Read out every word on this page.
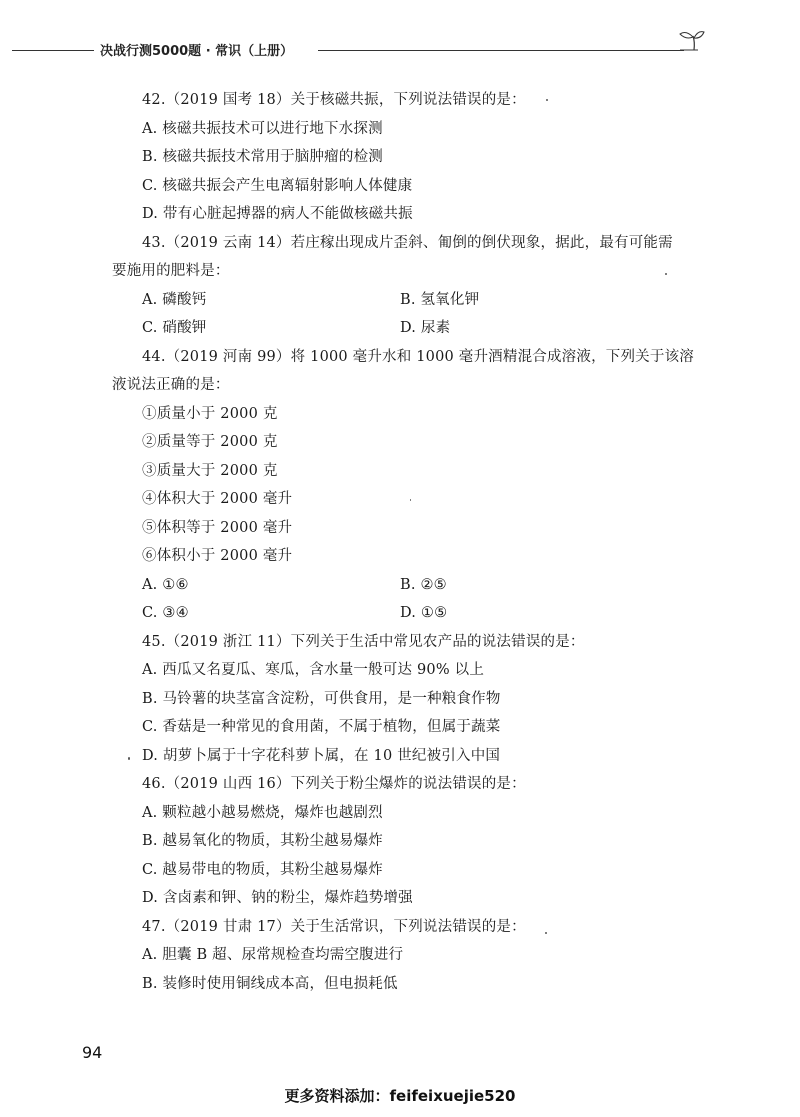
决战行测5000题 · 常识（上册）
42.（2019 国考 18）关于核磁共振，下列说法错误的是：
A. 核磁共振技术可以进行地下水探测
B. 核磁共振技术常用于脑肿瘤的检测
C. 核磁共振会产生电离辐射影响人体健康
D. 带有心脏起搏器的病人不能做核磁共振
43.（2019 云南 14）若庄稼出现成片歪斜、匍倒的倒伏现象，据此，最有可能需
要施用的肥料是：
A. 磷酸钙	B. 氢氧化钾
C. 硝酸钾	D. 尿素
44.（2019 河南 99）将 1000 毫升水和 1000 毫升酒精混合成溶液，下列关于该溶
液说法正确的是：
①质量小于 2000 克
②质量等于 2000 克
③质量大于 2000 克
④体积大于 2000 毫升
⑤体积等于 2000 毫升
⑥体积小于 2000 毫升
A. ①⑥	B. ②⑤
C. ③④	D. ①⑤
45.（2019 浙江 11）下列关于生活中常见农产品的说法错误的是：
A. 西瓜又名夏瓜、寒瓜，含水量一般可达 90% 以上
B. 马铃薯的块茎富含淀粉，可供食用，是一种粮食作物
C. 香菇是一种常见的食用菌，不属于植物，但属于蔬菜
D. 胡萝卜属于十字花科萝卜属，在 10 世纪被引入中国
46.（2019 山西 16）下列关于粉尘爆炸的说法错误的是：
A. 颗粒越小越易燃烧，爆炸也越剧烈
B. 越易氧化的物质，其粉尘越易爆炸
C. 越易带电的物质，其粉尘越易爆炸
D. 含卤素和钾、钠的粉尘，爆炸趋势增强
47.（2019 甘肃 17）关于生活常识，下列说法错误的是：
A. 胆囊 B 超、尿常规检查均需空腹进行
B. 装修时使用铜线成本高，但电损耗低
94
更多资料添加：feifeixuejie520
